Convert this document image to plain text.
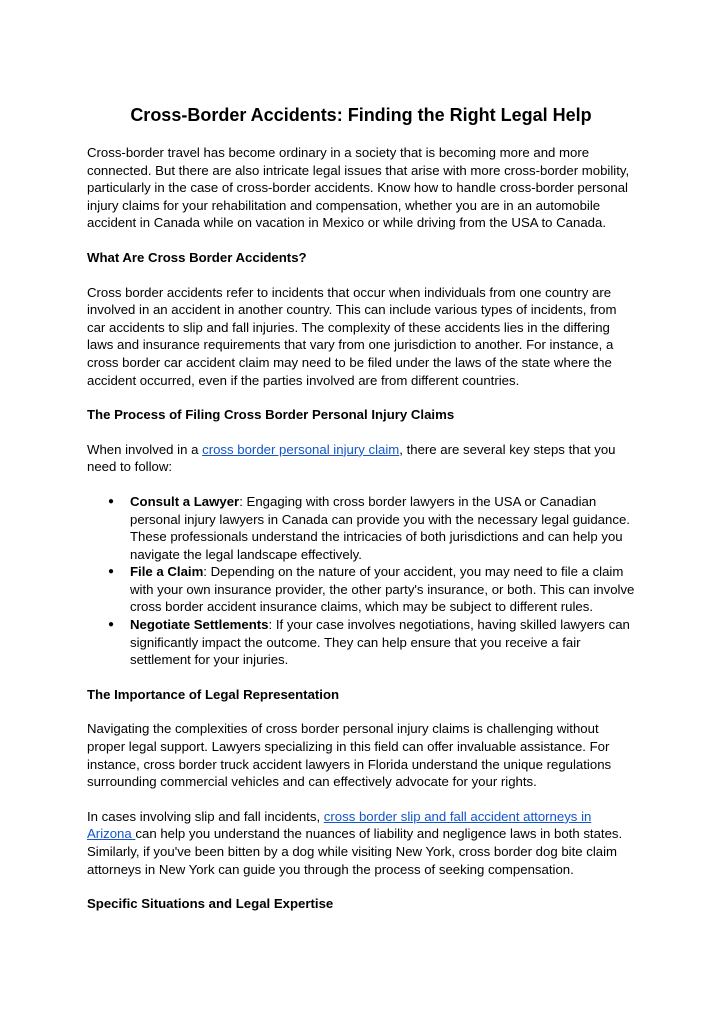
Cross-Border Accidents: Finding the Right Legal Help

Cross-border travel has become ordinary in a society that is becoming more and more connected. But there are also intricate legal issues that arise with more cross-border mobility, particularly in the case of cross-border accidents. Know how to handle cross-border personal injury claims for your rehabilitation and compensation, whether you are in an automobile accident in Canada while on vacation in Mexico or while driving from the USA to Canada.

What Are Cross Border Accidents?

Cross border accidents refer to incidents that occur when individuals from one country are involved in an accident in another country. This can include various types of incidents, from car accidents to slip and fall injuries. The complexity of these accidents lies in the differing laws and insurance requirements that vary from one jurisdiction to another. For instance, a cross border car accident claim may need to be filed under the laws of the state where the accident occurred, even if the parties involved are from different countries.

The Process of Filing Cross Border Personal Injury Claims

When involved in a cross border personal injury claim, there are several key steps that you need to follow:

● Consult a Lawyer: Engaging with cross border lawyers in the USA or Canadian personal injury lawyers in Canada can provide you with the necessary legal guidance. These professionals understand the intricacies of both jurisdictions and can help you navigate the legal landscape effectively.
● File a Claim: Depending on the nature of your accident, you may need to file a claim with your own insurance provider, the other party's insurance, or both. This can involve cross border accident insurance claims, which may be subject to different rules.
● Negotiate Settlements: If your case involves negotiations, having skilled lawyers can significantly impact the outcome. They can help ensure that you receive a fair settlement for your injuries.
The Importance of Legal Representation

Navigating the complexities of cross border personal injury claims is challenging without proper legal support. Lawyers specializing in this field can offer invaluable assistance. For instance, cross border truck accident lawyers in Florida understand the unique regulations surrounding commercial vehicles and can effectively advocate for your rights.

In cases involving slip and fall incidents, cross border slip and fall accident attorneys in Arizona can help you understand the nuances of liability and negligence laws in both states. Similarly, if you've been bitten by a dog while visiting New York, cross border dog bite claim attorneys in New York can guide you through the process of seeking compensation.

Specific Situations and Legal Expertise
